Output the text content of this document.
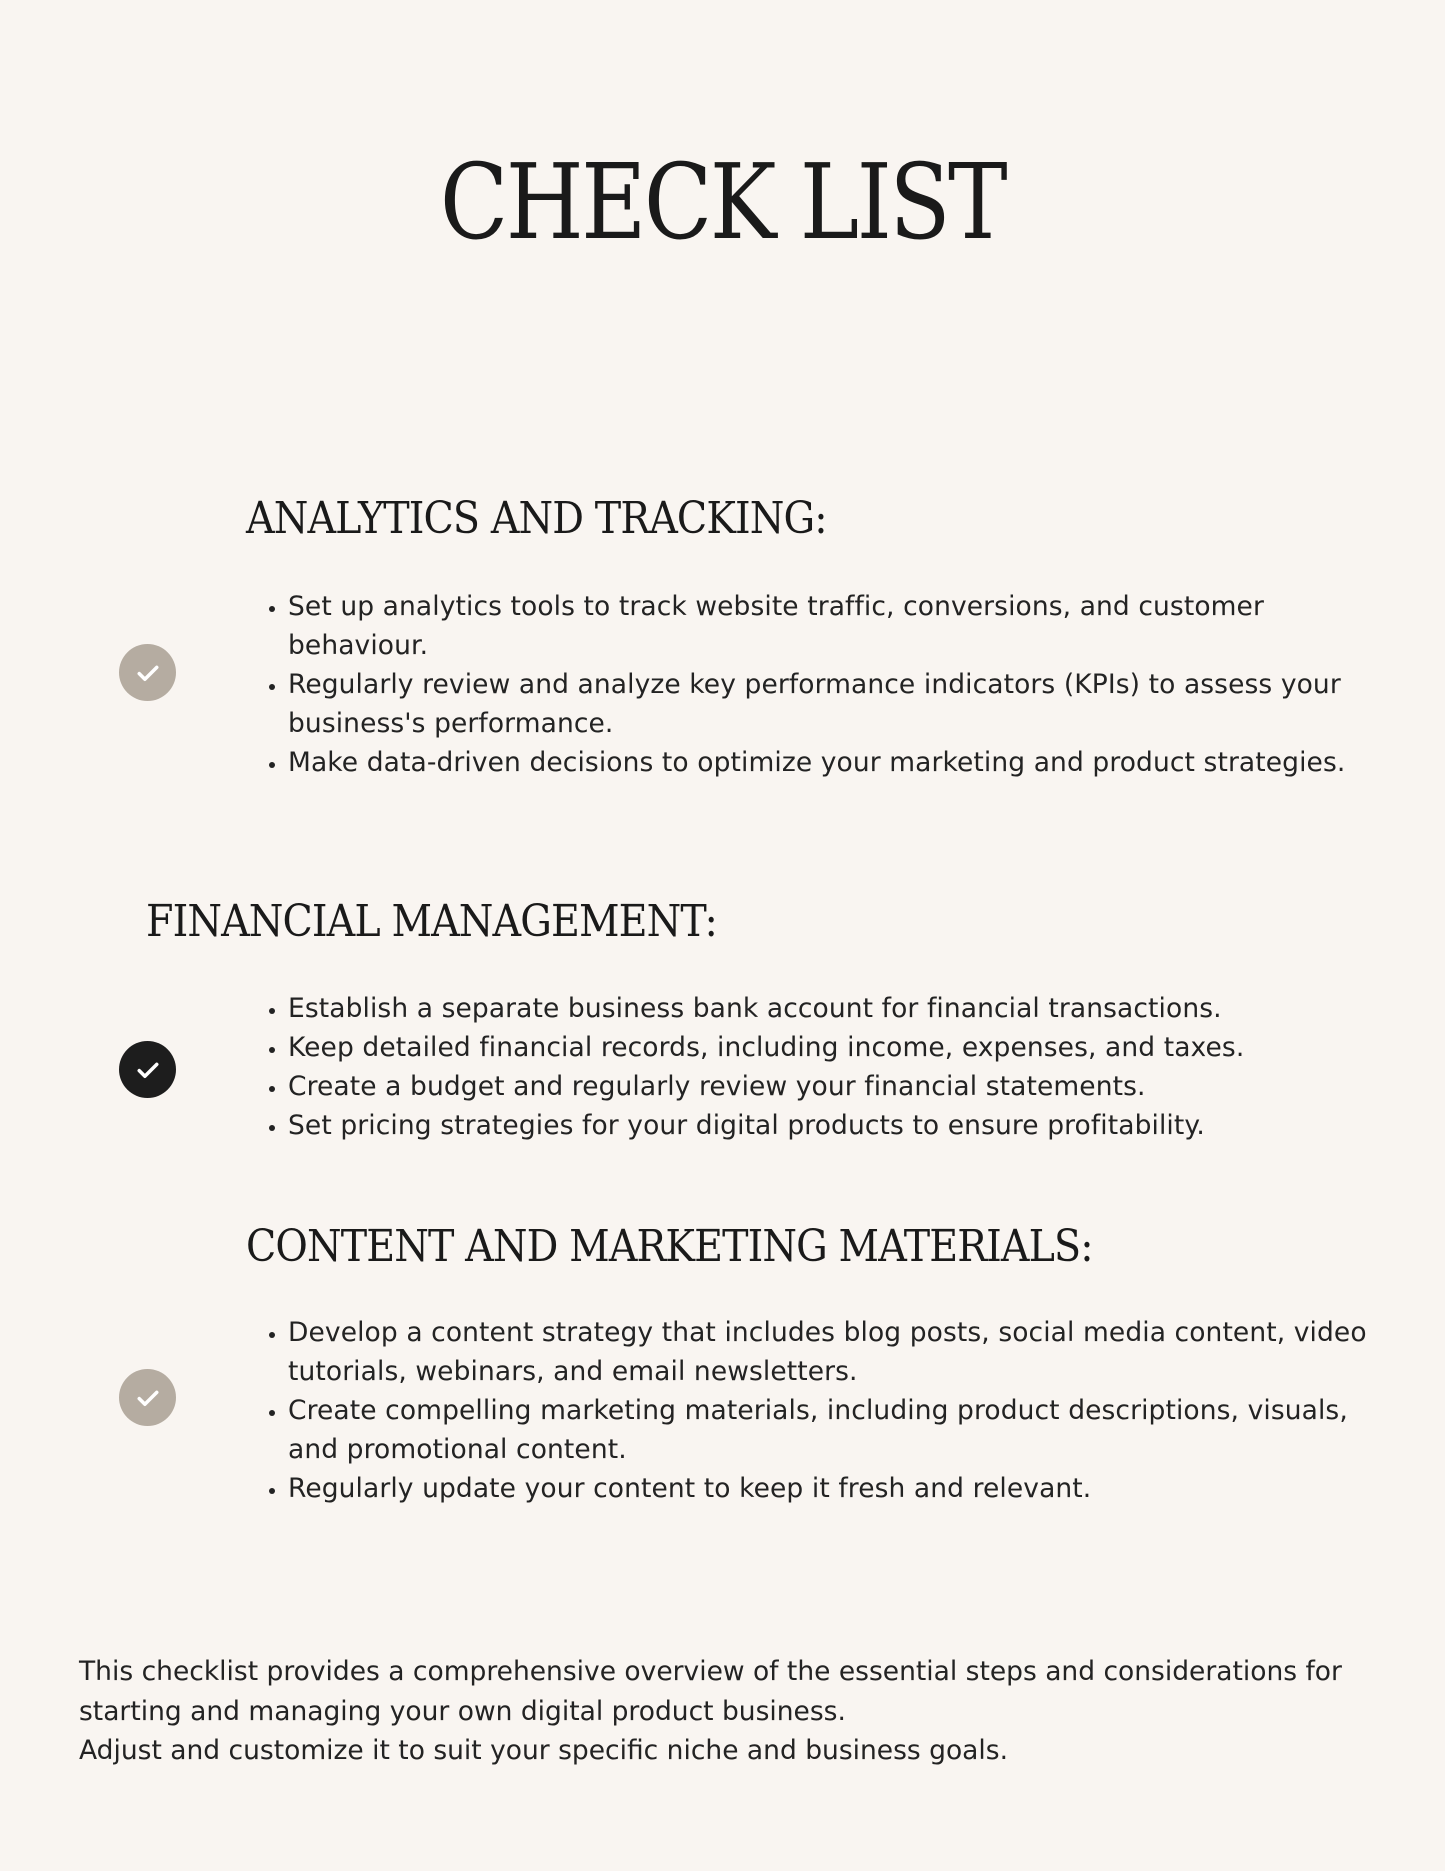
CHECK LIST
ANALYTICS AND TRACKING:
• Set up analytics tools to track website traffic, conversions, and customer behaviour.
• Regularly review and analyze key performance indicators (KPIs) to assess your business's performance.
• Make data-driven decisions to optimize your marketing and product strategies.
FINANCIAL MANAGEMENT:
• Establish a separate business bank account for financial transactions.
• Keep detailed financial records, including income, expenses, and taxes.
• Create a budget and regularly review your financial statements.
• Set pricing strategies for your digital products to ensure profitability.
CONTENT AND MARKETING MATERIALS:
• Develop a content strategy that includes blog posts, social media content, video tutorials, webinars, and email newsletters.
• Create compelling marketing materials, including product descriptions, visuals, and promotional content.
• Regularly update your content to keep it fresh and relevant.

This checklist provides a comprehensive overview of the essential steps and considerations for starting and managing your own digital product business.

Adjust and customize it to suit your specific niche and business goals.
